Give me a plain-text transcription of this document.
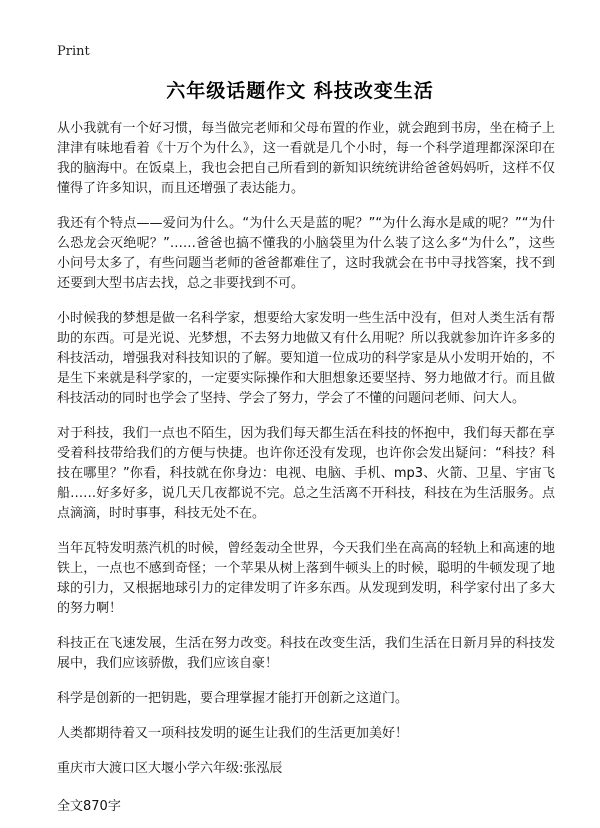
Print
六年级话题作文 科技改变生活

从小我就有一个好习惯，每当做完老师和父母布置的作业，就会跑到书房，坐在椅子上津津有味地看着《十万个为什么》，这一看就是几个小时，每一个科学道理都深深印在我的脑海中。在饭桌上，我也会把自己所看到的新知识统统讲给爸爸妈妈听，这样不仅懂得了许多知识，而且还增强了表达能力。

我还有个特点——爱问为什么。“为什么天是蓝的呢？”“为什么海水是咸的呢？”“为什么恐龙会灭绝呢？”……爸爸也搞不懂我的小脑袋里为什么装了这么多“为什么”，这些小问号太多了，有些问题当老师的爸爸都难住了，这时我就会在书中寻找答案，找不到还要到大型书店去找，总之非要找到不可。

小时候我的梦想是做一名科学家，想要给大家发明一些生活中没有，但对人类生活有帮助的东西。可是光说、光梦想，不去努力地做又有什么用呢？所以我就参加许许多多的科技活动，增强我对科技知识的了解。要知道一位成功的科学家是从小发明开始的，不是生下来就是科学家的，一定要实际操作和大胆想象还要坚持、努力地做才行。而且做科技活动的同时也学会了坚持、学会了努力，学会了不懂的问题问老师、问大人。

对于科技，我们一点也不陌生，因为我们每天都生活在科技的怀抱中，我们每天都在享受着科技带给我们的方便与快捷。也许你还没有发现，也许你会发出疑问：“科技？科技在哪里？”你看，科技就在你身边：电视、电脑、手机、mp3、火箭、卫星、宇宙飞船……好多好多，说几天几夜都说不完。总之生活离不开科技，科技在为生活服务。点点滴滴，时时事事，科技无处不在。

当年瓦特发明蒸汽机的时候，曾经轰动全世界，今天我们坐在高高的轻轨上和高速的地铁上，一点也不感到奇怪；一个苹果从树上落到牛顿头上的时候，聪明的牛顿发现了地球的引力，又根据地球引力的定律发明了许多东西。从发现到发明，科学家付出了多大的努力啊！

科技正在飞速发展，生活在努力改变。科技在改变生活，我们生活在日新月异的科技发展中，我们应该骄傲，我们应该自豪！

科学是创新的一把钥匙，要合理掌握才能打开创新之这道门。

人类都期待着又一项科技发明的诞生让我们的生活更加美好！

重庆市大渡口区大堰小学六年级:张泓辰

全文870字
